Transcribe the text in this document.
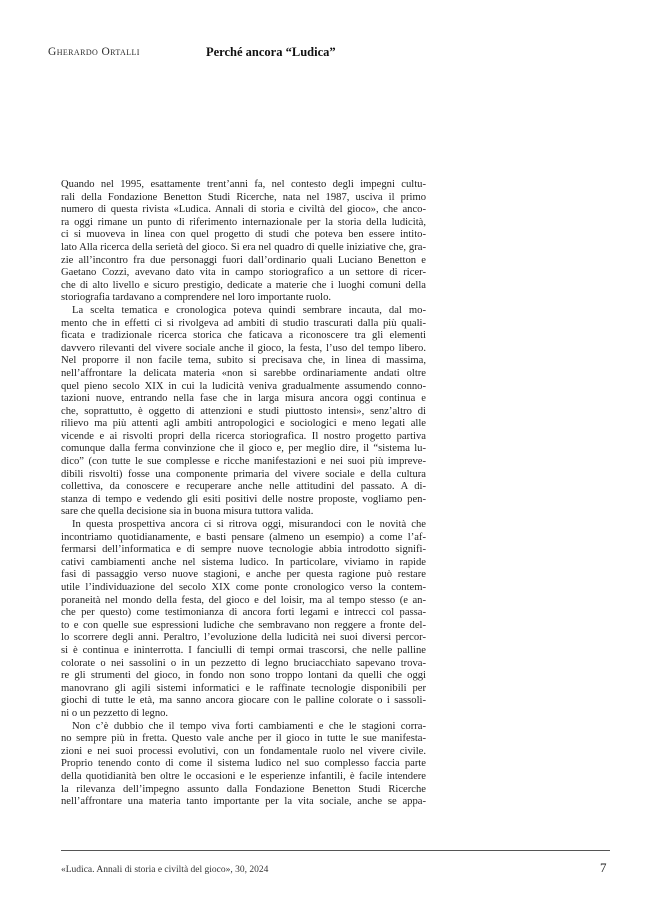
Gherardo Ortalli	Perché ancora “Ludica”
Quando nel 1995, esattamente trent’anni fa, nel contesto degli impegni cultu-
rali della Fondazione Benetton Studi Ricerche, nata nel 1987, usciva il primo
numero di questa rivista «Ludica. Annali di storia e civiltà del gioco», che anco-
ra oggi rimane un punto di riferimento internazionale per la storia della ludicità,
ci si muoveva in linea con quel progetto di studi che poteva ben essere intito-
lato Alla ricerca della serietà del gioco. Si era nel quadro di quelle iniziative che, gra-
zie all’incontro fra due personaggi fuori dall’ordinario quali Luciano Benetton e
Gaetano Cozzi, avevano dato vita in campo storiografico a un settore di ricer-
che di alto livello e sicuro prestigio, dedicate a materie che i luoghi comuni della
storiografia tardavano a comprendere nel loro importante ruolo.
La scelta tematica e cronologica poteva quindi sembrare incauta, dal mo-
mento che in effetti ci si rivolgeva ad ambiti di studio trascurati dalla più quali-
ficata e tradizionale ricerca storica che faticava a riconoscere tra gli elementi
davvero rilevanti del vivere sociale anche il gioco, la festa, l’uso del tempo libero.
Nel proporre il non facile tema, subito si precisava che, in linea di massima,
nell’affrontare la delicata materia «non si sarebbe ordinariamente andati oltre
quel pieno secolo XIX in cui la ludicità veniva gradualmente assumendo conno-
tazioni nuove, entrando nella fase che in larga misura ancora oggi continua e
che, soprattutto, è oggetto di attenzioni e studi piuttosto intensi», senz’altro di
rilievo ma più attenti agli ambiti antropologici e sociologici e meno legati alle
vicende e ai risvolti propri della ricerca storiografica. Il nostro progetto partiva
comunque dalla ferma convinzione che il gioco e, per meglio dire, il “sistema lu-
dico” (con tutte le sue complesse e ricche manifestazioni e nei suoi più impreve-
dibili risvolti) fosse una componente primaria del vivere sociale e della cultura
collettiva, da conoscere e recuperare anche nelle attitudini del passato. A di-
stanza di tempo e vedendo gli esiti positivi delle nostre proposte, vogliamo pen-
sare che quella decisione sia in buona misura tuttora valida.
In questa prospettiva ancora ci si ritrova oggi, misurandoci con le novità che
incontriamo quotidianamente, e basti pensare (almeno un esempio) a come l’af-
fermarsi dell’informatica e di sempre nuove tecnologie abbia introdotto signifi-
cativi cambiamenti anche nel sistema ludico. In particolare, viviamo in rapide
fasi di passaggio verso nuove stagioni, e anche per questa ragione può restare
utile l’individuazione del secolo XIX come ponte cronologico verso la contem-
poraneità nel mondo della festa, del gioco e del loisir, ma al tempo stesso (e an-
che per questo) come testimonianza di ancora forti legami e intrecci col passa-
to e con quelle sue espressioni ludiche che sembravano non reggere a fronte del-
lo scorrere degli anni. Peraltro, l’evoluzione della ludicità nei suoi diversi percor-
si è continua e ininterrotta. I fanciulli di tempi ormai trascorsi, che nelle palline
colorate o nei sassolini o in un pezzetto di legno bruciacchiato sapevano trova-
re gli strumenti del gioco, in fondo non sono troppo lontani da quelli che oggi
manovrano gli agili sistemi informatici e le raffinate tecnologie disponibili per
giochi di tutte le età, ma sanno ancora giocare con le palline colorate o i sassoli-
ni o un pezzetto di legno.
Non c’è dubbio che il tempo viva forti cambiamenti e che le stagioni corra-
no sempre più in fretta. Questo vale anche per il gioco in tutte le sue manifesta-
zioni e nei suoi processi evolutivi, con un fondamentale ruolo nel vivere civile.
Proprio tenendo conto di come il sistema ludico nel suo complesso faccia parte
della quotidianità ben oltre le occasioni e le esperienze infantili, è facile intendere
la rilevanza dell’impegno assunto dalla Fondazione Benetton Studi Ricerche
nell’affrontare una materia tanto importante per la vita sociale, anche se appa-
«Ludica. Annali di storia e civiltà del gioco», 30, 2024	7
